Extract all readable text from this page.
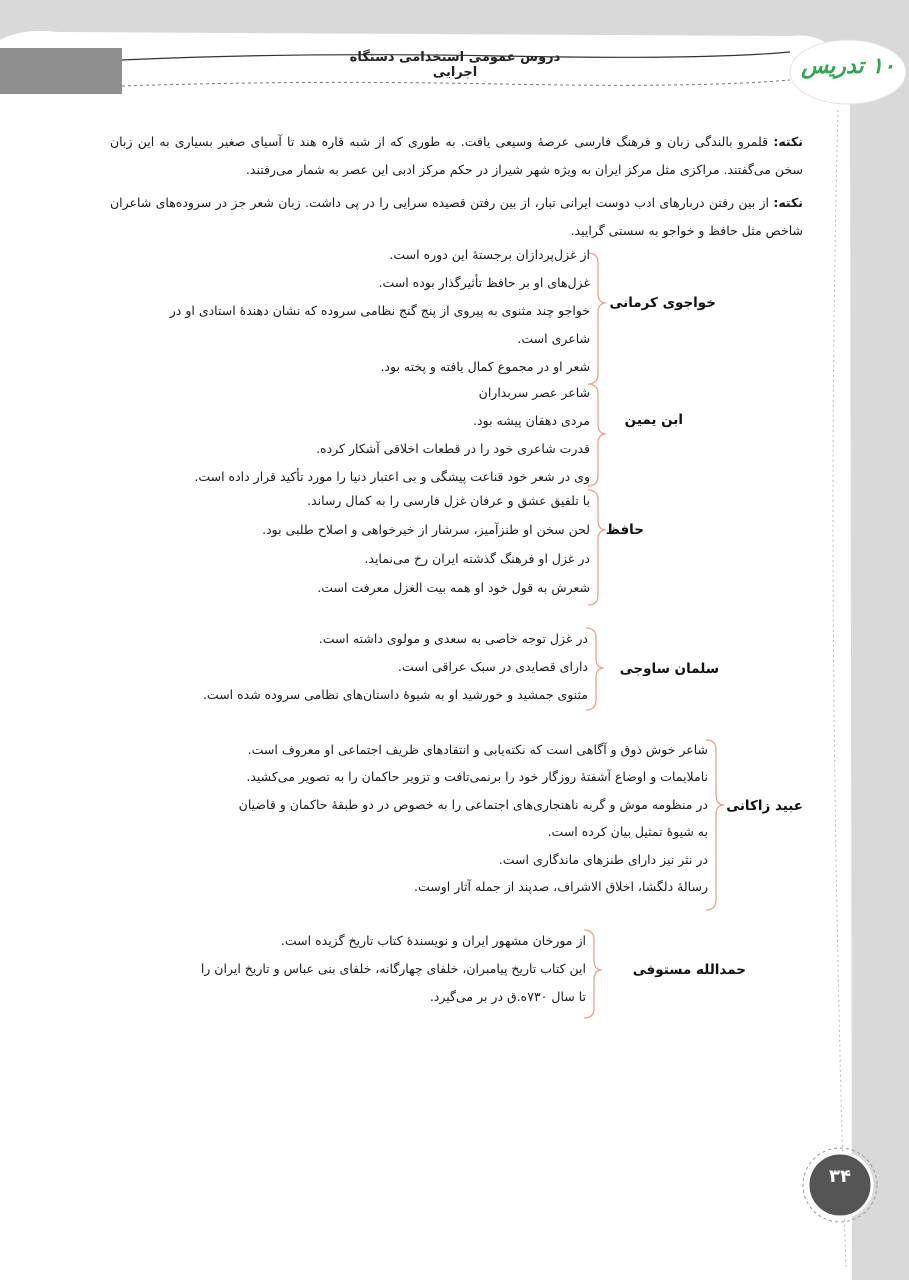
دروس عمومی استخدامی دستگاه اجرایی	۱۰ تدریس
نکته: قلمرو بالندگی زبان و فرهنگ فارسی عرصهٔ وسیعی یافت. به طوری که از شبه قاره هند تا آسیای صغیر بسیاری به این زبان سخن می‌گفتند. مراکزی مثل مرکز ایران به ویژه شهر شیراز در حکم مرکز ادبی این عصر به شمار می‌رفتند.
نکته: از بین رفتن دربارهای ادب دوست ایرانی تبار، از بین رفتن قصیده سرایی را در پی داشت. زبان شعر جز در سروده‌های شاعران شاخص مثل حافظ و خواجو به سستی گرایید.
خواجوی کرمانی
ابن یمین
حافظ
سلمان ساوجی
عبید زاکانی
حمدالله مستوفی
از غزل‌پردازان برجستهٔ این دوره است.
غزل‌های او بر حافظ تأثیرگذار بوده است.
خواجو چند مثنوی به پیروی از پنج گنج نظامی سروده که نشان دهندهٔ استادی او در
شاعری است.
شعر او در مجموع کمال یافته و پخته بود.
شاعر عصر سربداران
مردی دهقان پیشه بود.
قدرت شاعری خود را در قطعات اخلاقی آشکار کرده.
وی در شعر خود قناعت پیشگی و بی اعتبار دنیا را مورد تأکید قرار داده است.
با تلفیق عشق و عرفان غزل فارسی را به کمال رساند.
لحن سخن او طنزآمیز، سرشار از خیرخواهی و اصلاح طلبی بود.
در غزل او فرهنگ گذشته ایران رخ می‌نماید.
شعرش به قول خود او همه بیت الغزل معرفت است.
در غزل توجه خاصی به سعدی و مولوی داشته است.
دارای قصایدی در سبک عراقی است.
مثنوی جمشید و خورشید او به شیوهٔ داستان‌های نظامی سروده شده است.
شاعر خوش ذوق و آگاهی است که نکته‌یابی و انتقادهای ظریف اجتماعی او معروف است.
ناملایمات و اوضاع آشفتهٔ روزگار خود را برنمی‌تافت و تزویر حاکمان را به تصویر می‌کشید.
در منظومه موش و گربه ناهنجاری‌های اجتماعی را به خصوص در دو طبقهٔ حاکمان و قاضیان
به شیوهٔ تمثیل بیان کرده است.
در نثر نیز دارای طنزهای ماندگاری است.
رسالهٔ دلگشا، اخلاق الاشراف، صدپند از جمله آثار اوست.
از مورخان مشهور ایران و نویسندهٔ کتاب تاریخ گزیده است.
این کتاب تاریخ پیامبران، خلفای چهارگانه، خلفای بنی عباس و تاریخ ایران را
تا سال ۷۳۰ه.ق در بر می‌گیرد.
۳۴
